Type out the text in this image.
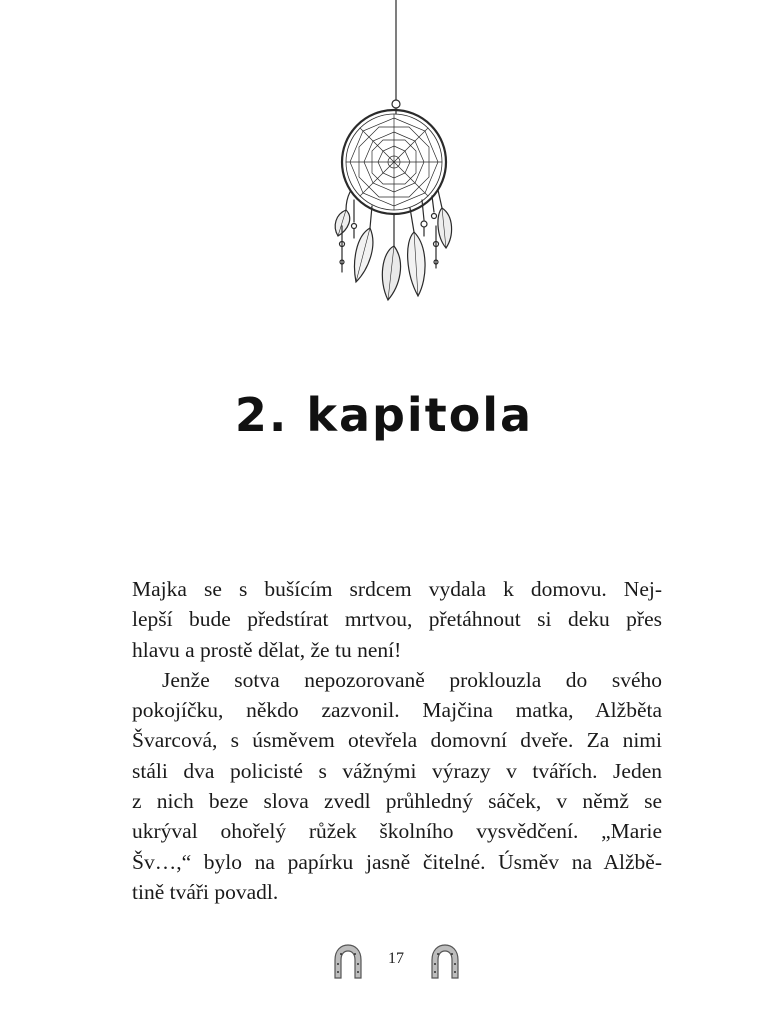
2. kapitola
Majka se s bušícím srdcem vydala k domovu. Nej-
lepší bude předstírat mrtvou, přetáhnout si deku přes
hlavu a prostě dělat, že tu není!
Jenže sotva nepozorovaně proklouzla do svého
pokojíčku, někdo zazvonil. Majčina matka, Alžběta
Švarcová, s úsměvem otevřela domovní dveře. Za nimi
stáli dva policisté s vážnými výrazy v tvářích. Jeden
z nich beze slova zvedl průhledný sáček, v němž se
ukrýval ohořelý růžek školního vysvědčení. „Marie
Šv…,“ bylo na papírku jasně čitelné. Úsměv na Alžbě-
tině tváři povadl.
17
